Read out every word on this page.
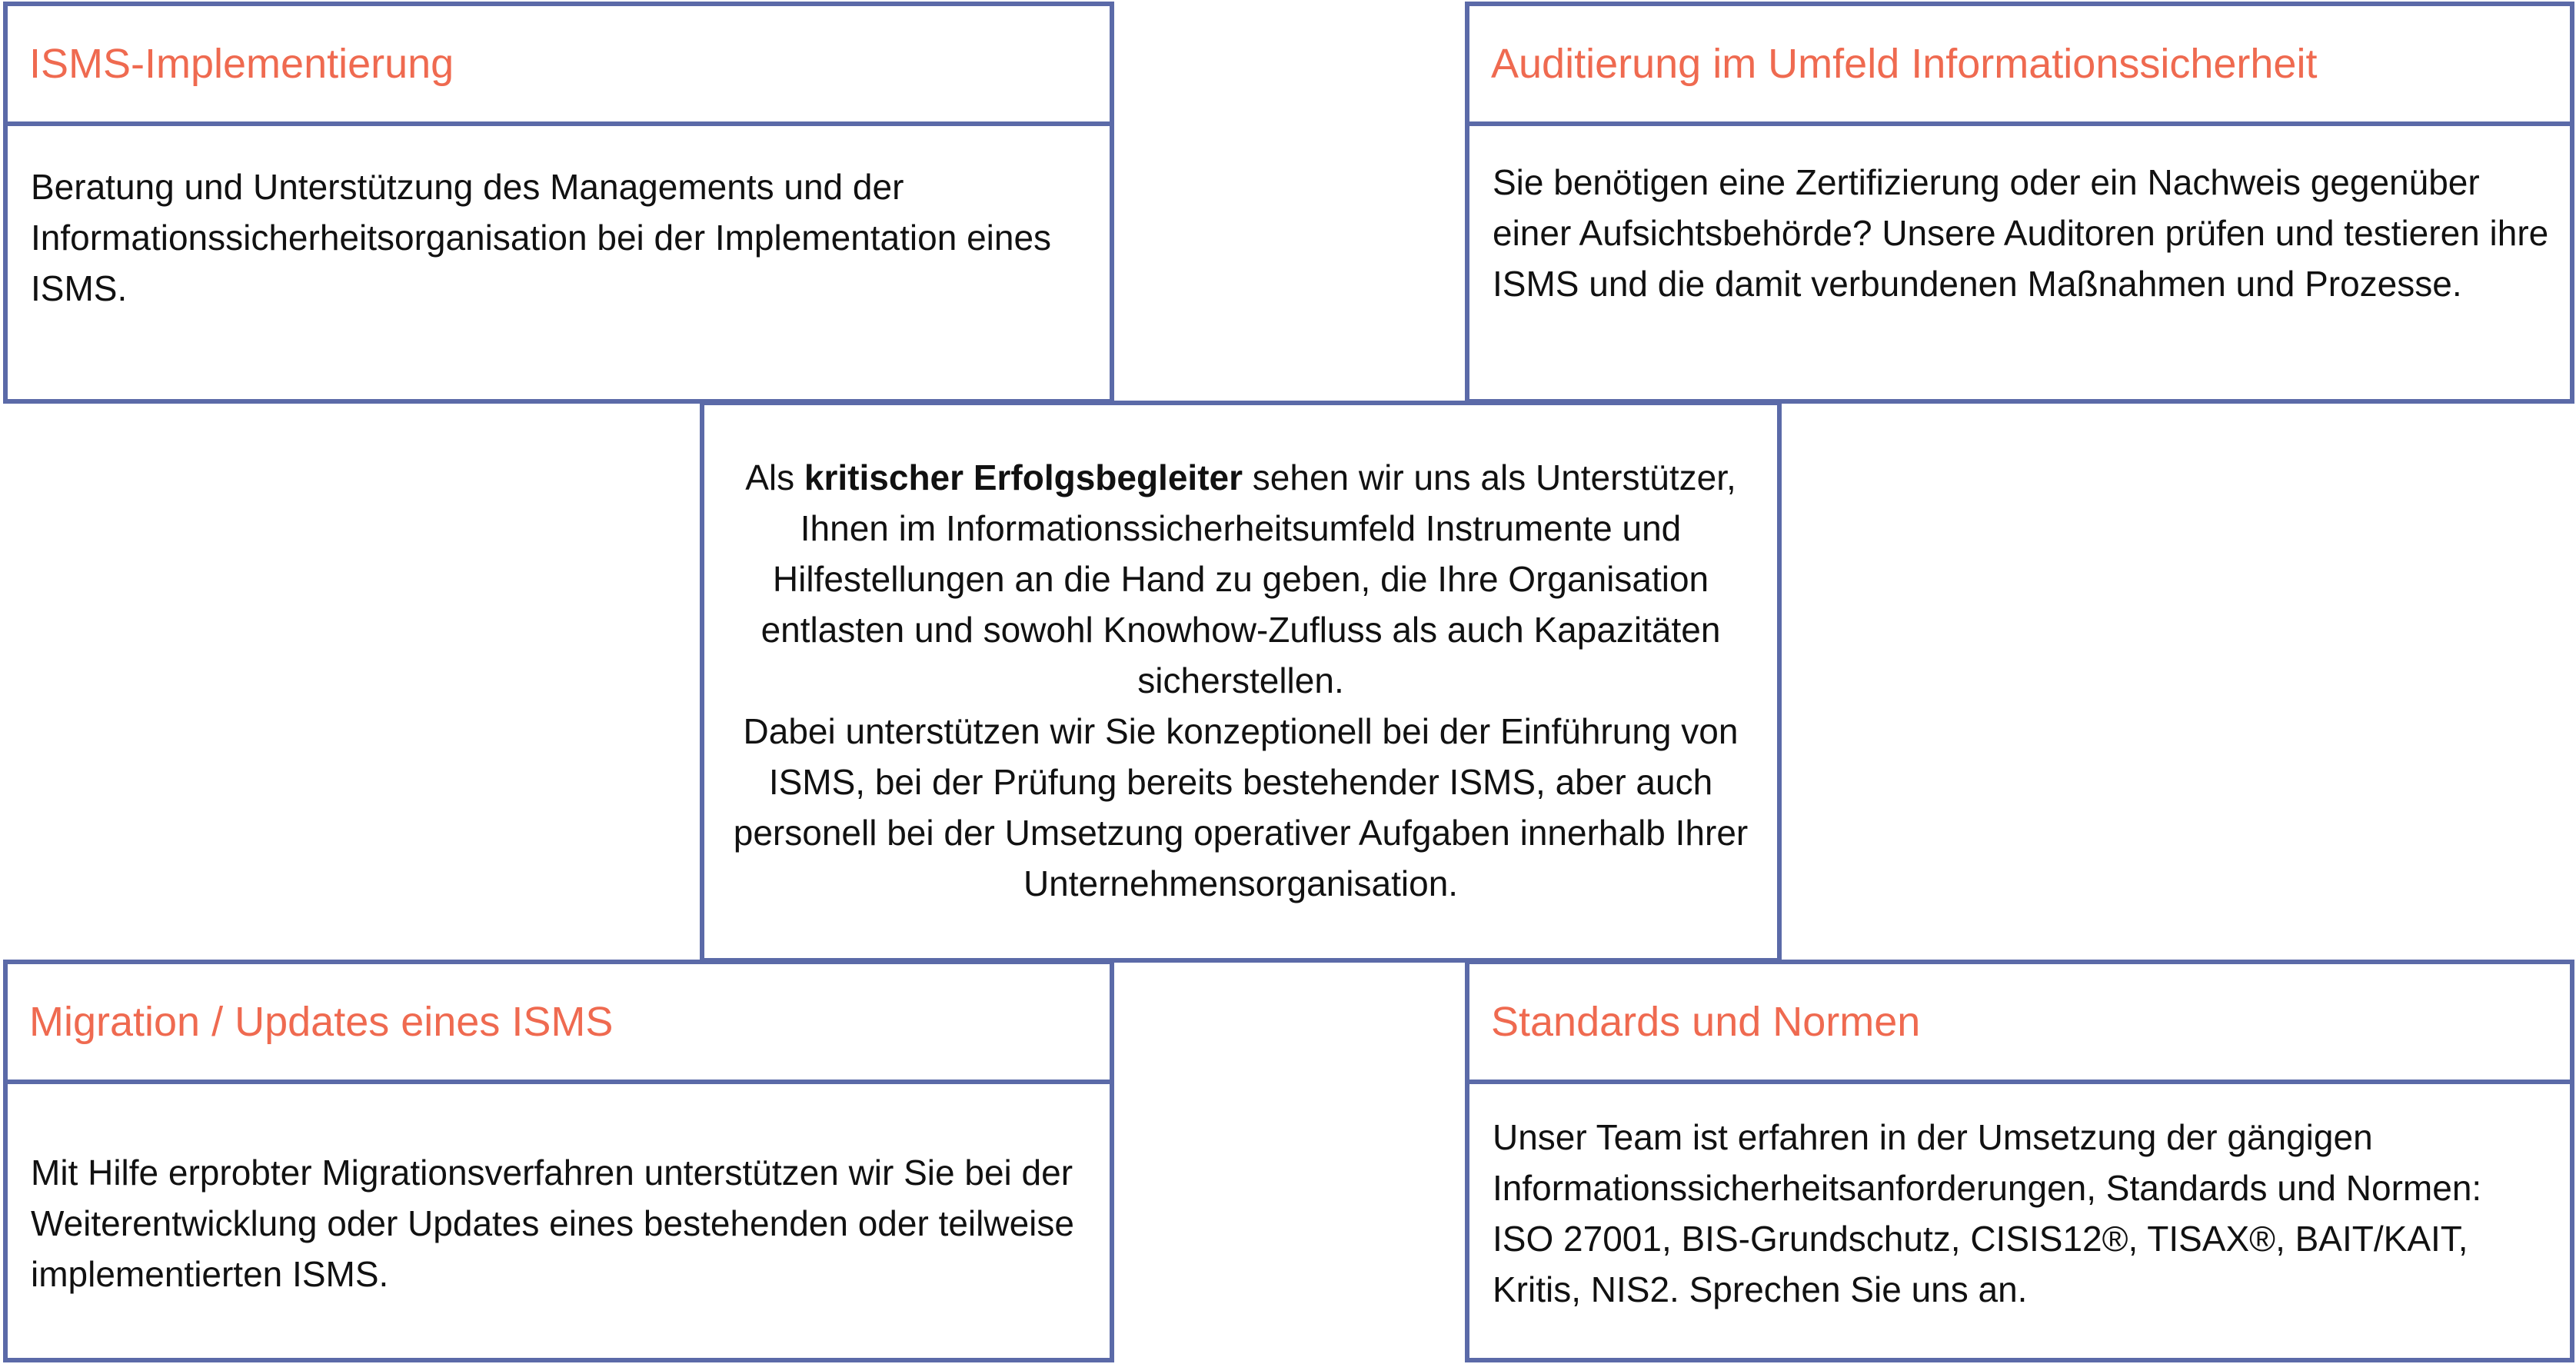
ISMS-Implementierung
Beratung und Unterstützung des Managements und der Informationssicherheitsorganisation bei der Implementation eines ISMS.
Auditierung im Umfeld Informationssicherheit
Sie benötigen eine Zertifizierung oder ein Nachweis gegenüber einer Aufsichtsbehörde? Unsere Auditoren prüfen und testieren ihre ISMS und die damit verbundenen Maßnahmen und Prozesse.
Als kritischer Erfolgsbegleiter sehen wir uns als Unterstützer, Ihnen im Informationssicherheitsumfeld Instrumente und Hilfestellungen an die Hand zu geben, die Ihre Organisation entlasten und sowohl Knowhow-Zufluss als auch Kapazitäten sicherstellen.
Dabei unterstützen wir Sie konzeptionell bei der Einführung von ISMS, bei der Prüfung bereits bestehender ISMS, aber auch personell bei der Umsetzung operativer Aufgaben innerhalb Ihrer Unternehmensorganisation.
Migration / Updates eines ISMS
Mit Hilfe erprobter Migrationsverfahren unterstützen wir Sie bei der Weiterentwicklung oder Updates eines bestehenden oder teilweise implementierten ISMS.
Standards und Normen
Unser Team ist erfahren in der Umsetzung der gängigen Informationssicherheitsanforderungen, Standards und Normen: ISO 27001, BIS-Grundschutz, CISIS12®, TISAX®, BAIT/KAIT, Kritis, NIS2. Sprechen Sie uns an.
